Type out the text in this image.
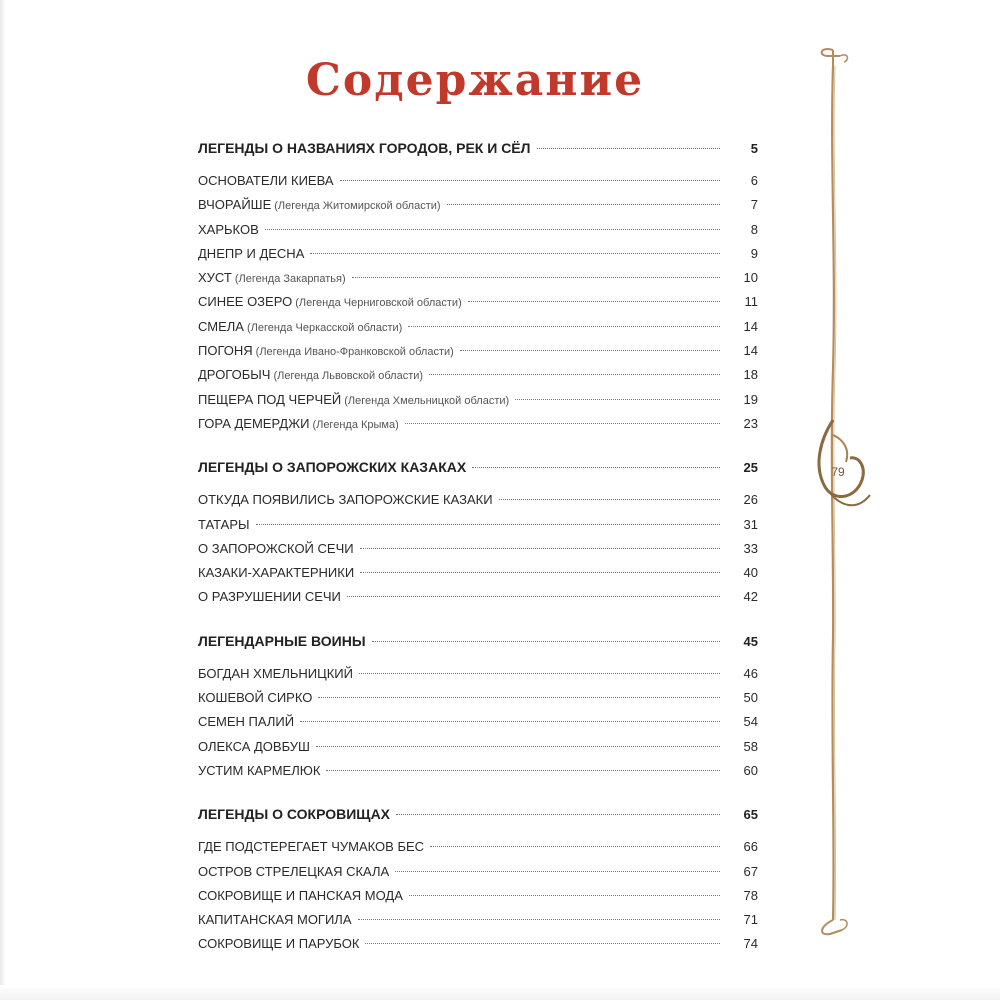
Содержание
ЛЕГЕНДЫ О НАЗВАНИЯХ ГОРОДОВ, РЕК И СЁЛ	5
ОСНОВАТЕЛИ КИЕВА	6
ВЧОРАЙШЕ (Легенда Житомирской области)	7
ХАРЬКОВ	8
ДНЕПР И ДЕСНА	9
ХУСТ (Легенда Закарпатья)	10
СИНЕЕ ОЗЕРО (Легенда Черниговской области)	11
СМЕЛА (Легенда Черкасской области)	14
ПОГОНЯ (Легенда Ивано-Франковской области)	14
ДРОГОБЫЧ (Легенда Львовской области)	18
ПЕЩЕРА ПОД ЧЕРЧЕЙ (Легенда Хмельницкой области)	19
ГОРА ДЕМЕРДЖИ (Легенда Крыма)	23
ЛЕГЕНДЫ О ЗАПОРОЖСКИХ КАЗАКАХ	25
ОТКУДА ПОЯВИЛИСЬ ЗАПОРОЖСКИЕ КАЗАКИ	26
ТАТАРЫ	31
О ЗАПОРОЖСКОЙ СЕЧИ	33
КАЗАКИ-ХАРАКТЕРНИКИ	40
О РАЗРУШЕНИИ СЕЧИ	42
ЛЕГЕНДАРНЫЕ ВОИНЫ	45
БОГДАН ХМЕЛЬНИЦКИЙ	46
КОШЕВОЙ СИРКО	50
СЕМЕН ПАЛИЙ	54
ОЛЕКСА ДОВБУШ	58
УСТИМ КАРМЕЛЮК	60
ЛЕГЕНДЫ О СОКРОВИЩАХ	65
ГДЕ ПОДСТЕРЕГАЕТ ЧУМАКОВ БЕС	66
ОСТРОВ СТРЕЛЕЦКАЯ СКАЛА	67
СОКРОВИЩЕ И ПАНСКАЯ МОДА	78
КАПИТАНСКАЯ МОГИЛА	71
СОКРОВИЩЕ И ПАРУБОК	74
79
